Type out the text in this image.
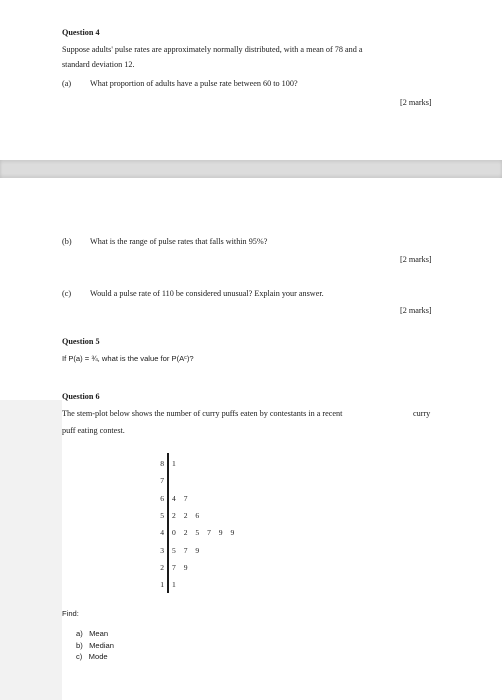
Question 4
Suppose adults' pulse rates are approximately normally distributed, with a mean of 78 and a
standard deviation 12.
(a) What proportion of adults have a pulse rate between 60 to 100?
[2 marks]
(b) What is the range of pulse rates that falls within 95%?
[2 marks]
(c) Would a pulse rate of 110 be considered unusual? Explain your answer.
[2 marks]
Question 5
If P(a) = ¾, what is the value for P(Aᶜ)?
Question 6
The stem-plot below shows the number of curry puffs eaten by contestants in a recent	curry
puff eating contest.
8 1
7
6 4 7
5 2 2 6
4 0 2 5 7 9 9
3 5 7 9
2 7 9
1 1
Find:
a)   Mean
b)   Median
c)   Mode
